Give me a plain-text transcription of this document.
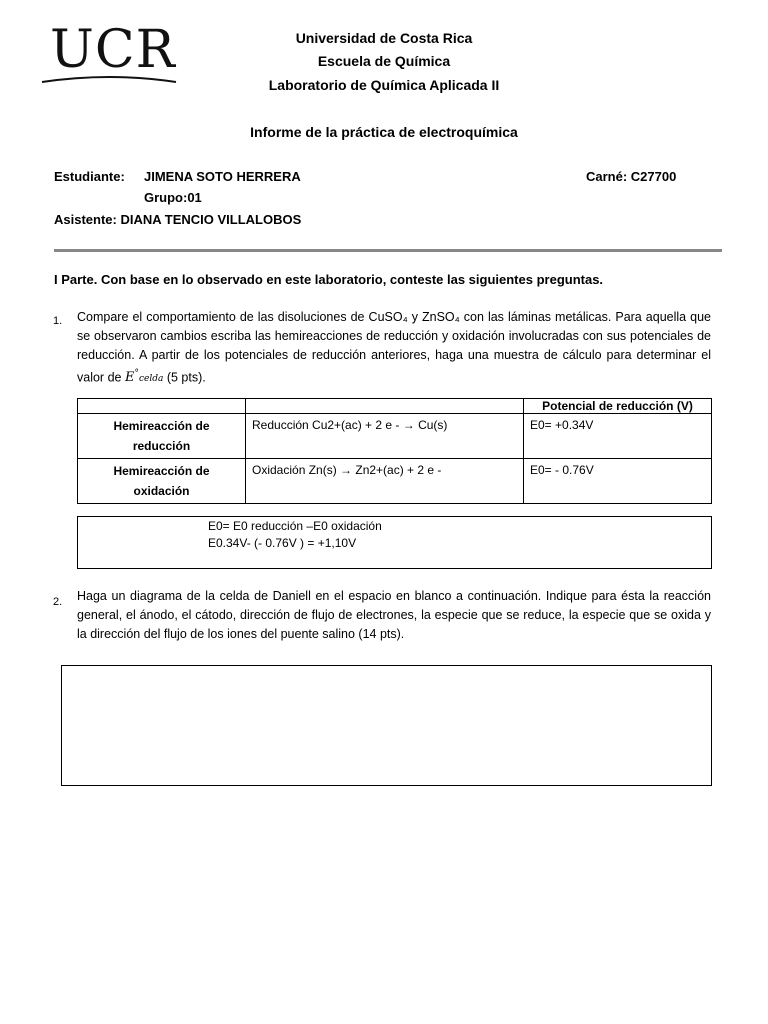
UCR	Universidad de Costa Rica
Escuela de Química
Laboratorio de Química Aplicada II
Informe de la práctica de electroquímica
Estudiante: JIMENA SOTO HERRERA	Carné: C27700
Grupo:01
Asistente: DIANA TENCIO VILLALOBOS
I Parte. Con base en lo observado en este laboratorio, conteste las siguientes preguntas.
1. Compare el comportamiento de las disoluciones de CuSO₄ y ZnSO₄ con las láminas metálicas. Para aquella que se observaron cambios escriba las hemireacciones de reducción y oxidación involucradas con sus potenciales de reducción. A partir de los potenciales de reducción anteriores, haga una muestra de cálculo para determinar el valor de E°celda (5 pts).
		Potencial de reducción (V)
Hemireacción de reducción	Reducción Cu2+(ac) + 2 e - → Cu(s)	E0= +0.34V
Hemireacción de oxidación	Oxidación Zn(s) → Zn2+(ac) + 2 e -	E0= - 0.76V
E0= E0 reducción –E0 oxidación
E0.34V- (- 0.76V ) = +1,10V
2. Haga un diagrama de la celda de Daniell en el espacio en blanco a continuación. Indique para ésta la reacción general, el ánodo, el cátodo, dirección de flujo de electrones, la especie que se reduce, la especie que se oxida y la dirección del flujo de los iones del puente salino (14 pts).
